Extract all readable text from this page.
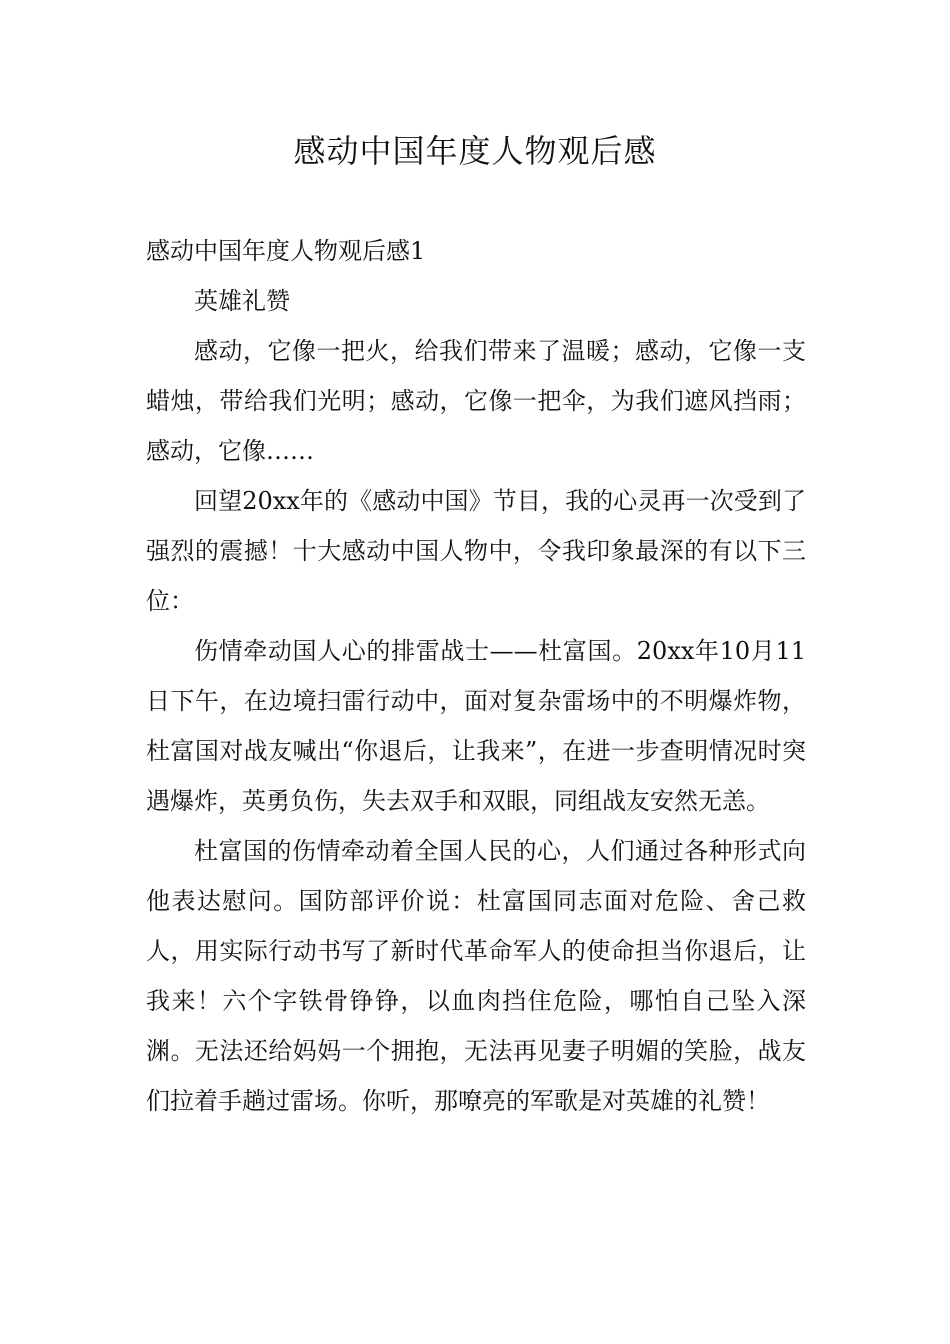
感动中国年度人物观后感

感动中国年度人物观后感1

英雄礼赞

感动，它像一把火，给我们带来了温暖；感动，它像一支蜡烛，带给我们光明；感动，它像一把伞，为我们遮风挡雨；感动，它像……

回望20xx年的《感动中国》节目，我的心灵再一次受到了强烈的震撼！十大感动中国人物中，令我印象最深的有以下三位：

伤情牵动国人心的排雷战士——杜富国。20xx年10月11日下午，在边境扫雷行动中，面对复杂雷场中的不明爆炸物，杜富国对战友喊出“你退后，让我来”，在进一步查明情况时突遇爆炸，英勇负伤，失去双手和双眼，同组战友安然无恙。

杜富国的伤情牵动着全国人民的心，人们通过各种形式向他表达慰问。国防部评价说：杜富国同志面对危险、舍己救人，用实际行动书写了新时代革命军人的使命担当你退后，让我来！六个字铁骨铮铮，以血肉挡住危险，哪怕自己坠入深渊。无法还给妈妈一个拥抱，无法再见妻子明媚的笑脸，战友们拉着手趟过雷场。你听，那嘹亮的军歌是对英雄的礼赞！
